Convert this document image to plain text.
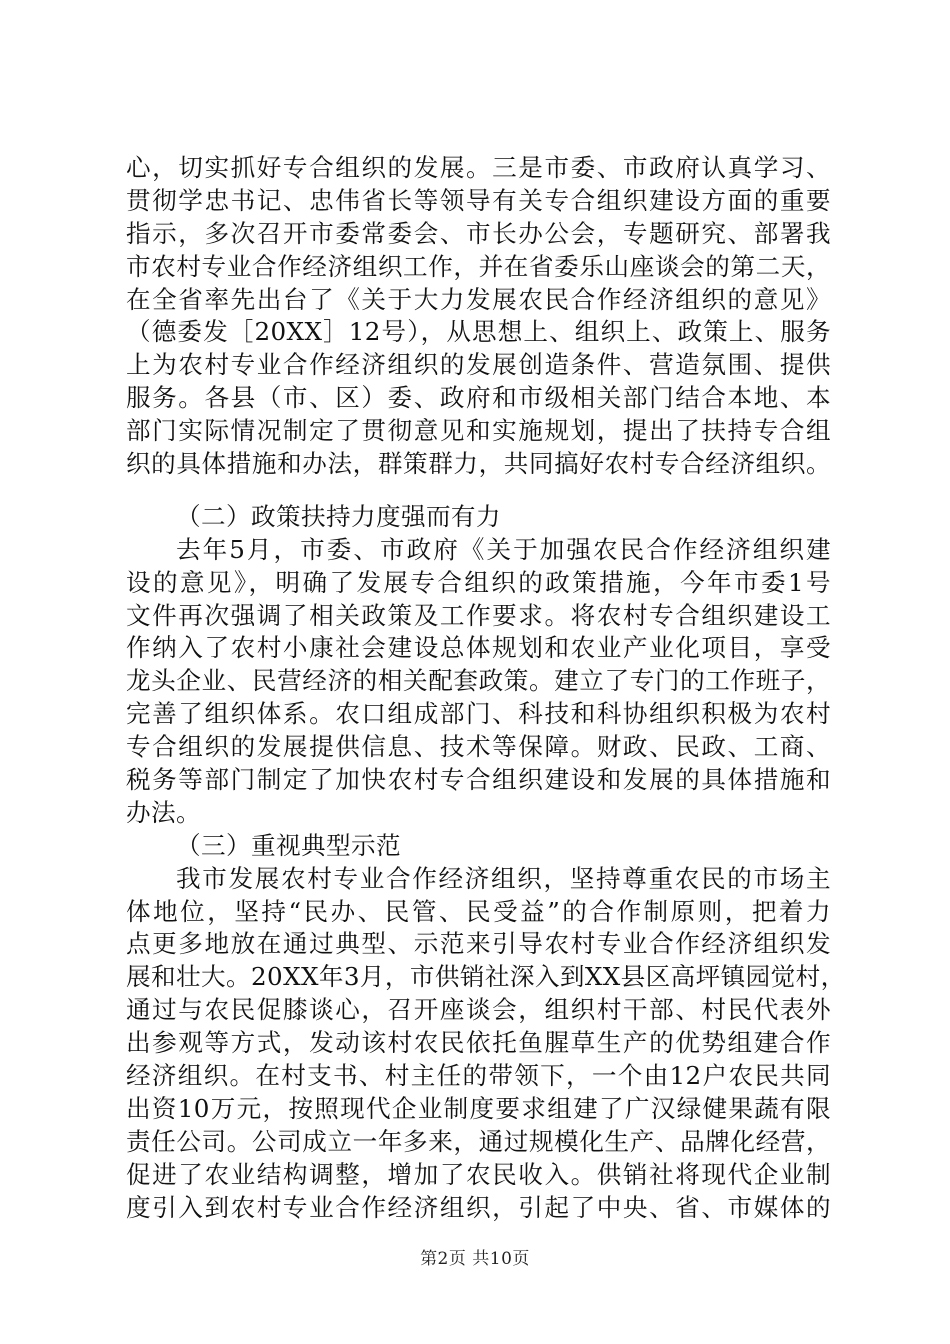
心，切实抓好专合组织的发展。三是市委、市政府认真学习、
贯彻学忠书记、忠伟省长等领导有关专合组织建设方面的重要
指示，多次召开市委常委会、市长办公会，专题研究、部署我
市农村专业合作经济组织工作，并在省委乐山座谈会的第二天，
在全省率先出台了《关于大力发展农民合作经济组织的意见》
（德委发［20XX］12号），从思想上、组织上、政策上、服务
上为农村专业合作经济组织的发展创造条件、营造氛围、提供
服务。各县（市、区）委、政府和市级相关部门结合本地、本
部门实际情况制定了贯彻意见和实施规划，提出了扶持专合组
织的具体措施和办法，群策群力，共同搞好农村专合经济组织。
（二）政策扶持力度强而有力
去年5月，市委、市政府《关于加强农民合作经济组织建
设的意见》，明确了发展专合组织的政策措施，今年市委1号
文件再次强调了相关政策及工作要求。将农村专合组织建设工
作纳入了农村小康社会建设总体规划和农业产业化项目，享受
龙头企业、民营经济的相关配套政策。建立了专门的工作班子，
完善了组织体系。农口组成部门、科技和科协组织积极为农村
专合组织的发展提供信息、技术等保障。财政、民政、工商、
税务等部门制定了加快农村专合组织建设和发展的具体措施和
办法。
（三）重视典型示范
我市发展农村专业合作经济组织，坚持尊重农民的市场主
体地位，坚持“民办、民管、民受益”的合作制原则，把着力
点更多地放在通过典型、示范来引导农村专业合作经济组织发
展和壮大。20XX年3月，市供销社深入到XX县区高坪镇园觉村，
通过与农民促膝谈心，召开座谈会，组织村干部、村民代表外
出参观等方式，发动该村农民依托鱼腥草生产的优势组建合作
经济组织。在村支书、村主任的带领下，一个由12户农民共同
出资10万元，按照现代企业制度要求组建了广汉绿健果蔬有限
责任公司。公司成立一年多来，通过规模化生产、品牌化经营，
促进了农业结构调整，增加了农民收入。供销社将现代企业制
度引入到农村专业合作经济组织，引起了中央、省、市媒体的
第2页 共10页
